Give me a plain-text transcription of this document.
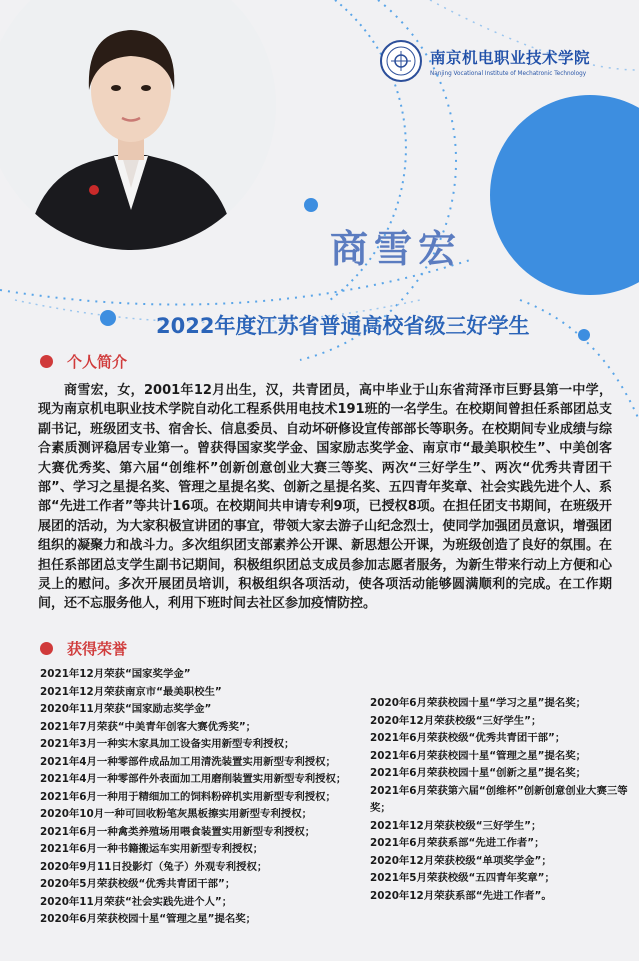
南京机电职业技术学院
Nanjing Vocational Institute of Mechatronic Technology
商雪宏
2022年度江苏省普通高校省级三好学生
个人简介

商雪宏，女，2001年12月出生，汉，共青团员，高中毕业于山东省菏泽市巨野县第一中学，现为南京机电职业技术学院自动化工程系供用电技术191班的一名学生。在校期间曾担任系部团总支副书记，班级团支书、宿舍长、信息委员、自动坏研修设宣传部部长等职务。在校期间专业成绩与综合素质测评稳居专业第一。曾获得国家奖学金、国家励志奖学金、南京市“最美职校生”、中美创客大赛优秀奖、第六届“创维杯”创新创意创业大赛三等奖、两次“三好学生”、两次“优秀共青团干部”、学习之星提名奖、管理之星提名奖、创新之星提名奖、五四青年奖章、社会实践先进个人、系部“先进工作者”等共计16项。在校期间共申请专利9项，已授权8项。在担任团支书期间，在班级开展团的活动，为大家积极宣讲团的事宜，带领大家去游子山纪念烈士，使同学加强团员意识，增强团组织的凝聚力和战斗力。多次组织团支部素养公开课、新思想公开课，为班级创造了良好的氛围。在担任系部团总支学生副书记期间，积极组织团总支成员参加志愿者服务，为新生带来行动上方便和心灵上的慰问。多次开展团员培训，积极组织各项活动，使各项活动能够圆满顺利的完成。在工作期间，还不忘服务他人，利用下班时间去社区参加疫情防控。

获得荣誉
2021年12月荣获“国家奖学金”
2021年12月荣获南京市“最美职校生”
2020年11月荣获“国家励志奖学金”
2021年7月荣获“中美青年创客大赛优秀奖”；
2021年3月一种实木家具加工设备实用新型专利授权；
2021年4月一种零部件成品加工用清洗装置实用新型专利授权；
2021年4月一种零部件外表面加工用磨削装置实用新型专利授权；
2021年6月一种用于精细加工的饲料粉碎机实用新型专利授权；
2020年10月一种可回收粉笔灰黑板擦实用新型专利授权；
2021年6月一种禽类养殖场用喂食装置实用新型专利授权；
2021年6月一种书籍搬运车实用新型专利授权；
2020年9月11日投影灯（兔子）外观专利授权；
2020年5月荣获校级“优秀共青团干部”；
2020年11月荣获“社会实践先进个人”；
2020年6月荣获校园十星“管理之星”提名奖；
2020年6月荣获校园十星“学习之星”提名奖；
2020年12月荣获校级“三好学生”；
2021年6月荣获校级“优秀共青团干部”；
2021年6月荣获校园十星“管理之星”提名奖；
2021年6月荣获校园十星“创新之星”提名奖；
2021年6月荣获第六届“创维杯”创新创意创业大赛三等奖；
2021年12月荣获校级“三好学生”；
2021年6月荣获系部“先进工作者”；
2020年12月荣获校级“单项奖学金”；
2021年5月荣获校级“五四青年奖章”；
2020年12月荣获系部“先进工作者”。
